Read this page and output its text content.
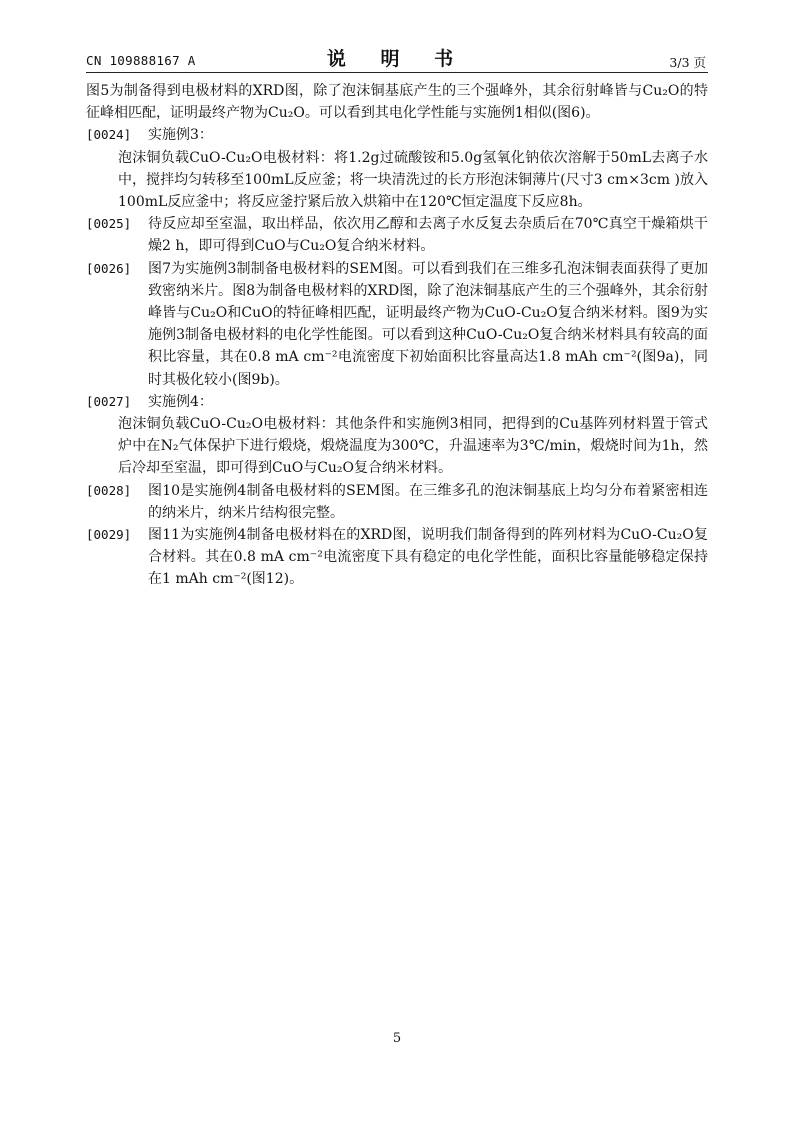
CN 109888167 A	说 明 书	3/3 页

图5为制备得到电极材料的XRD图，除了泡沫铜基底产生的三个强峰外，其余衍射峰皆与Cu₂O的特征峰相匹配，证明最终产物为Cu₂O。可以看到其电化学性能与实施例1相似(图6)。

[0024]	实施例3：

泡沫铜负载CuO-Cu₂O电极材料：将1.2g过硫酸铵和5.0g氢氧化钠依次溶解于50mL去离子水中，搅拌均匀转移至100mL反应釜；将一块清洗过的长方形泡沫铜薄片(尺寸3 cm×3cm )放入100mL反应釜中；将反应釜拧紧后放入烘箱中在120℃恒定温度下反应8h。

[0025]	待反应却至室温，取出样品，依次用乙醇和去离子水反复去杂质后在70℃真空干燥箱烘干燥2 h，即可得到CuO与Cu₂O复合纳米材料。
[0026]	图7为实施例3制制备电极材料的SEM图。可以看到我们在三维多孔泡沫铜表面获得了更加致密纳米片。图8为制备电极材料的XRD图，除了泡沫铜基底产生的三个强峰外，其余衍射峰皆与Cu₂O和CuO的特征峰相匹配，证明最终产物为CuO-Cu₂O复合纳米材料。图9为实施例3制备电极材料的电化学性能图。可以看到这种CuO-Cu₂O复合纳米材料具有较高的面积比容量，其在0.8 mA cm⁻²电流密度下初始面积比容量高达1.8 mAh cm⁻²(图9a)，同时其极化较小(图9b)。
[0027]	实施例4：

泡沫铜负载CuO-Cu₂O电极材料：其他条件和实施例3相同，把得到的Cu基阵列材料置于管式炉中在N₂气体保护下进行煅烧，煅烧温度为300℃，升温速率为3℃/min，煅烧时间为1h，然后冷却至室温，即可得到CuO与Cu₂O复合纳米材料。

[0028]	图10是实施例4制备电极材料的SEM图。在三维多孔的泡沫铜基底上均匀分布着紧密相连的纳米片，纳米片结构很完整。
[0029]	图11为实施例4制备电极材料在的XRD图，说明我们制备得到的阵列材料为CuO-Cu₂O复合材料。其在0.8 mA cm⁻²电流密度下具有稳定的电化学性能，面积比容量能够稳定保持在1 mAh cm⁻²(图12)。
5
